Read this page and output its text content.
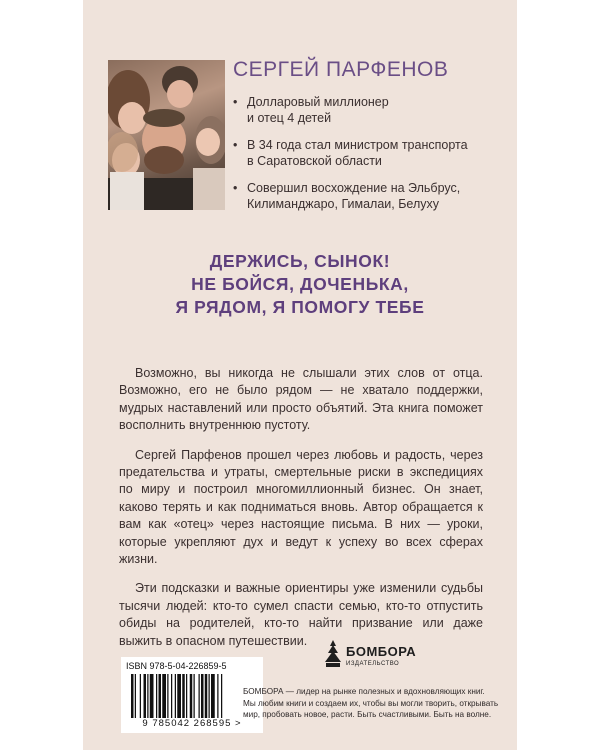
СЕРГЕЙ ПАРФЕНОВ
• Долларовый миллионер
и отец 4 детей
• В 34 года стал министром транспорта
в Саратовской области
• Совершил восхождение на Эльбрус,
Килиманджаро, Гималаи, Белуху
ДЕРЖИСЬ, СЫНОК!
НЕ БОЙСЯ, ДОЧЕНЬКА,
Я РЯДОМ, Я ПОМОГУ ТЕБЕ

Возможно, вы никогда не слышали этих слов от отца. Возможно, его не было рядом — не хватало поддержки, мудрых наставлений или просто объятий. Эта книга поможет восполнить внутреннюю пустоту.

Сергей Парфенов прошел через любовь и радость, через предательства и утраты, смертельные риски в экспедициях по миру и построил многомиллионный бизнес. Он знает, каково терять и как подниматься вновь. Автор обращается к вам как «отец» через настоящие письма. В них — уроки, которые укрепляют дух и ведут к успеху во всех сферах жизни.

Эти подсказки и важные ориентиры уже изменили судьбы тысячи людей: кто-то сумел спасти семью, кто-то отпустить обиды на родителей, кто-то найти призвание или даже выжить в опасном путешествии.

ISBN 978-5-04-226859-5
9 785042 268595 >
БОМБОРА
ИЗДАТЕЛЬСТВО
БОМБОРА — лидер на рынке полезных и вдохновляющих книг.
Мы любим книги и создаем их, чтобы вы могли творить, открывать
мир, пробовать новое, расти. Быть счастливыми. Быть на волне.
